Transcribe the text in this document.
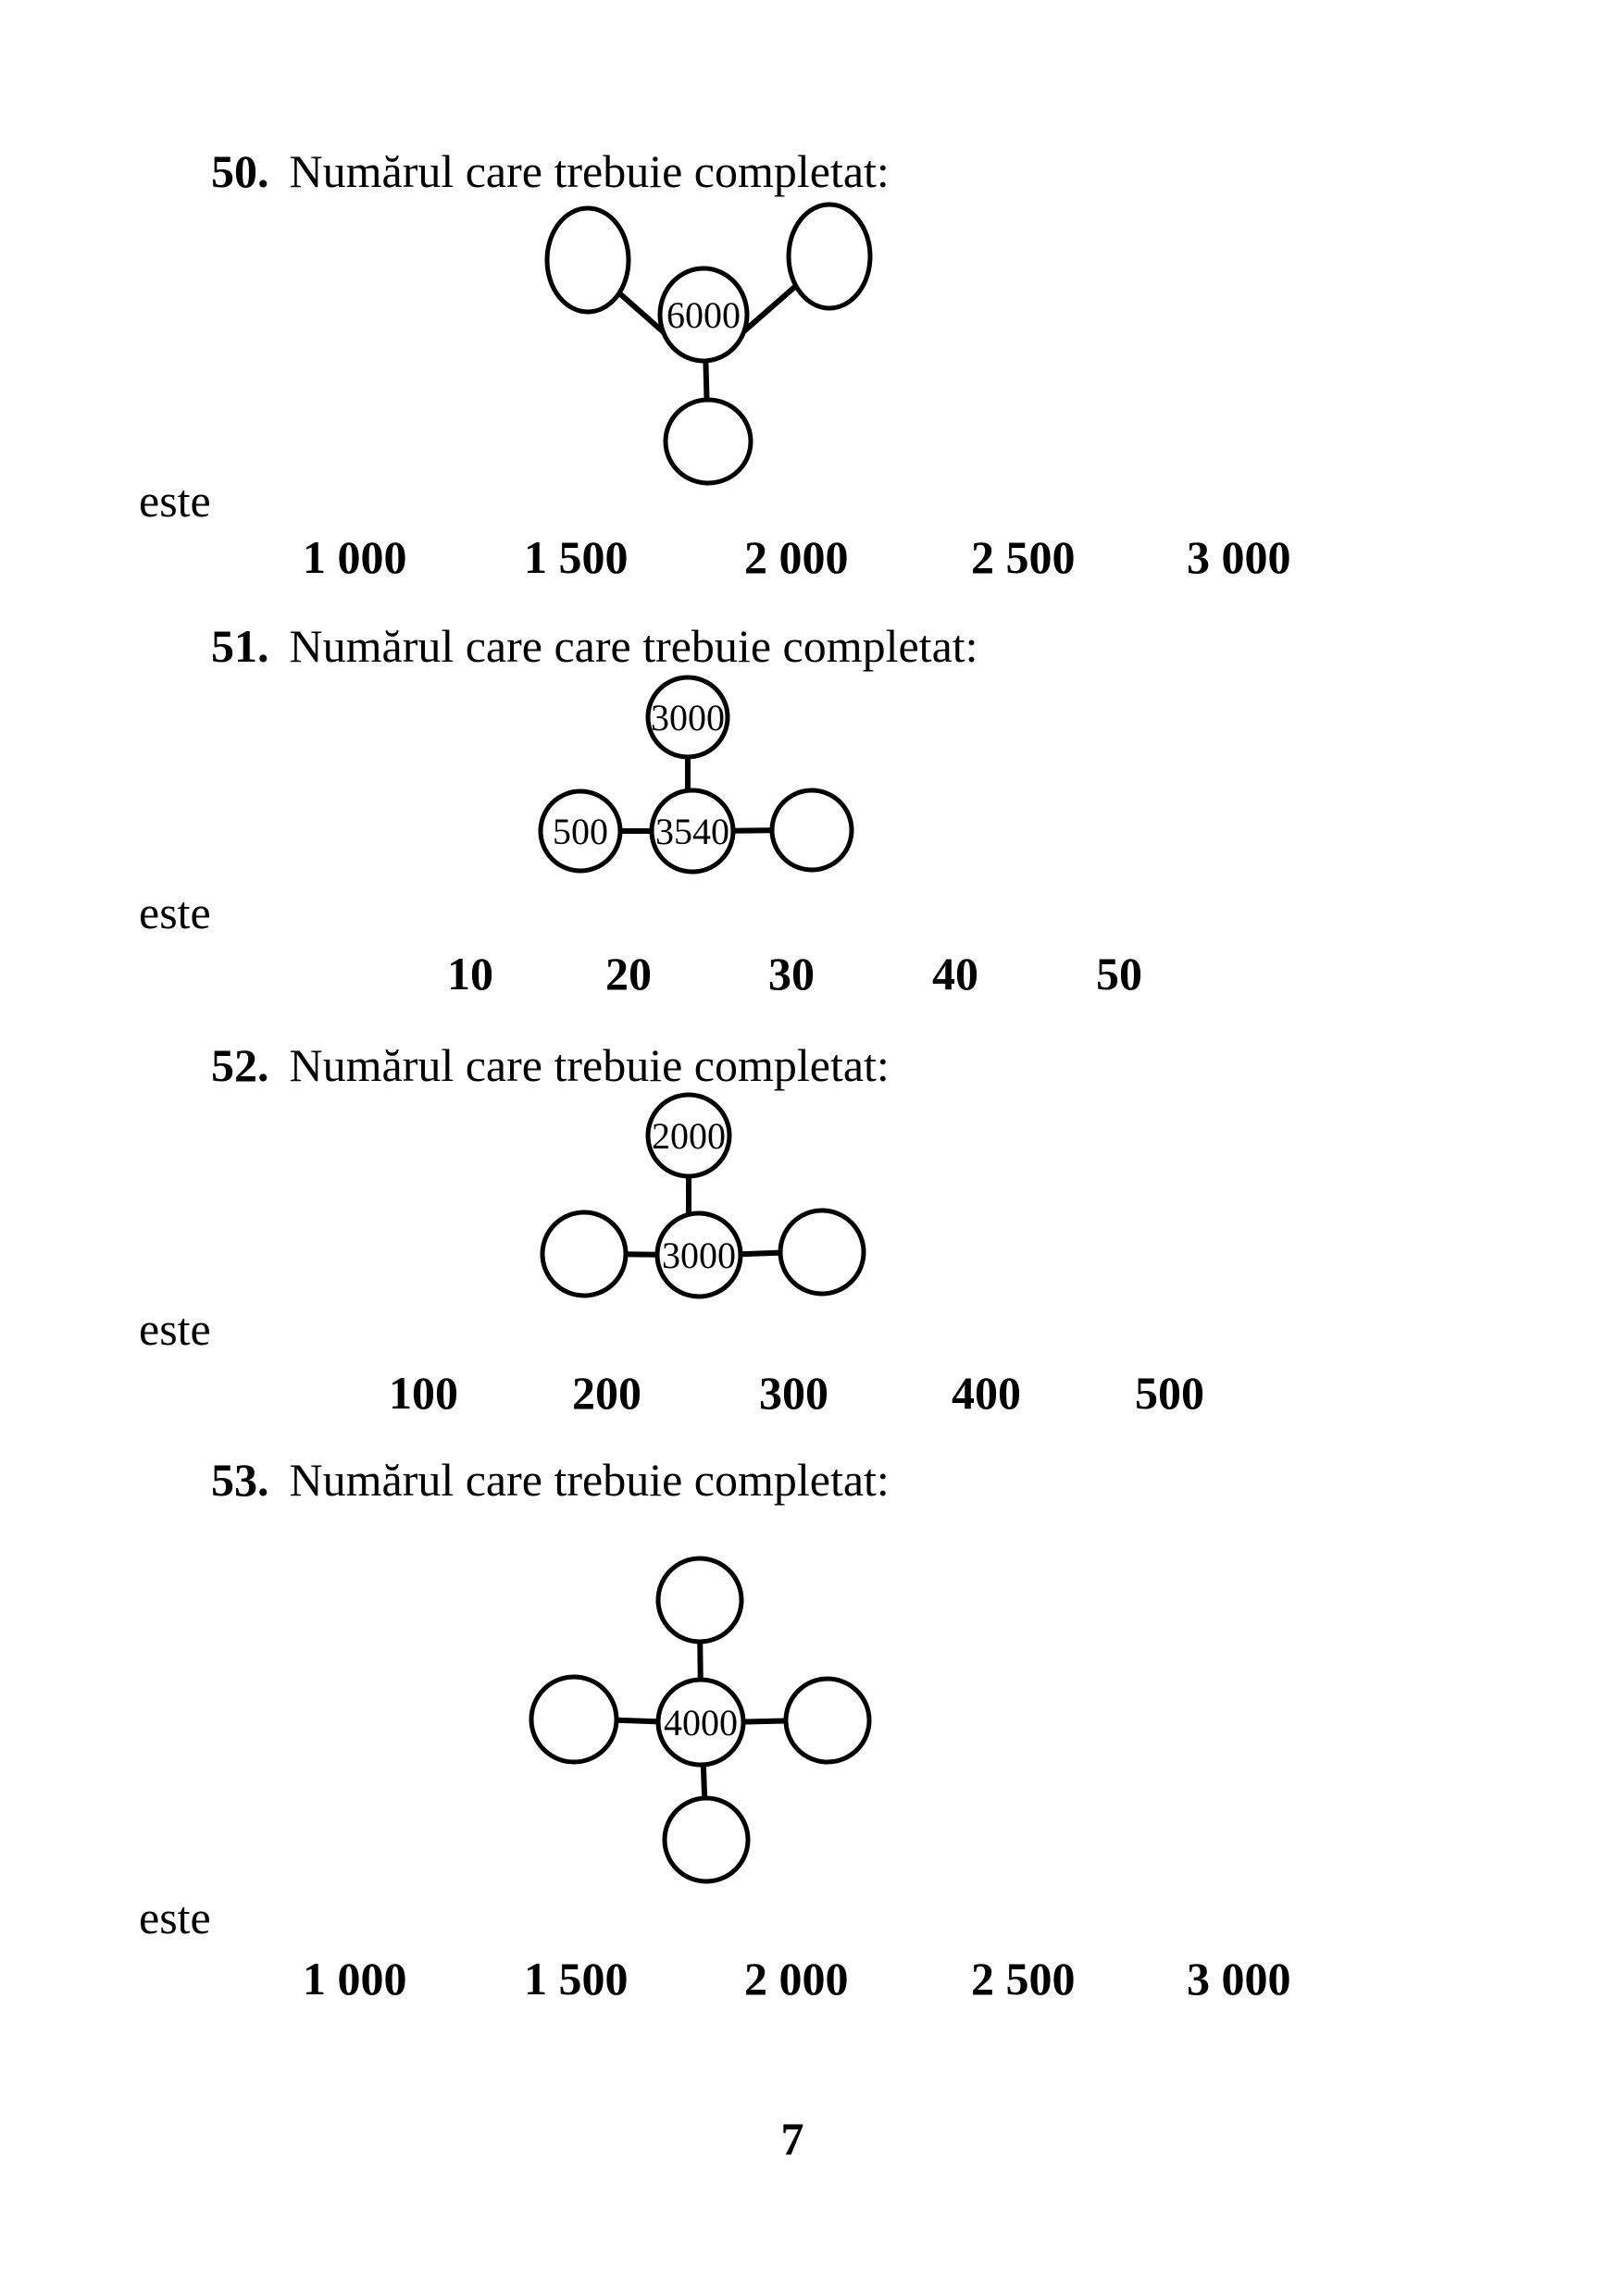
50. Numărul care trebuie completat:
6000
este
1 000	1 500	2 000	2 500 3 000
51. Numărul care care trebuie completat:
3000
500 3540
este
10 20	30	40	50
52. Numărul care trebuie completat:
2000
3000
este
100 200	300	400 500
53. Numărul care trebuie completat:
4000
este
1 000	1 500	2 000	2 500 3 000
7
